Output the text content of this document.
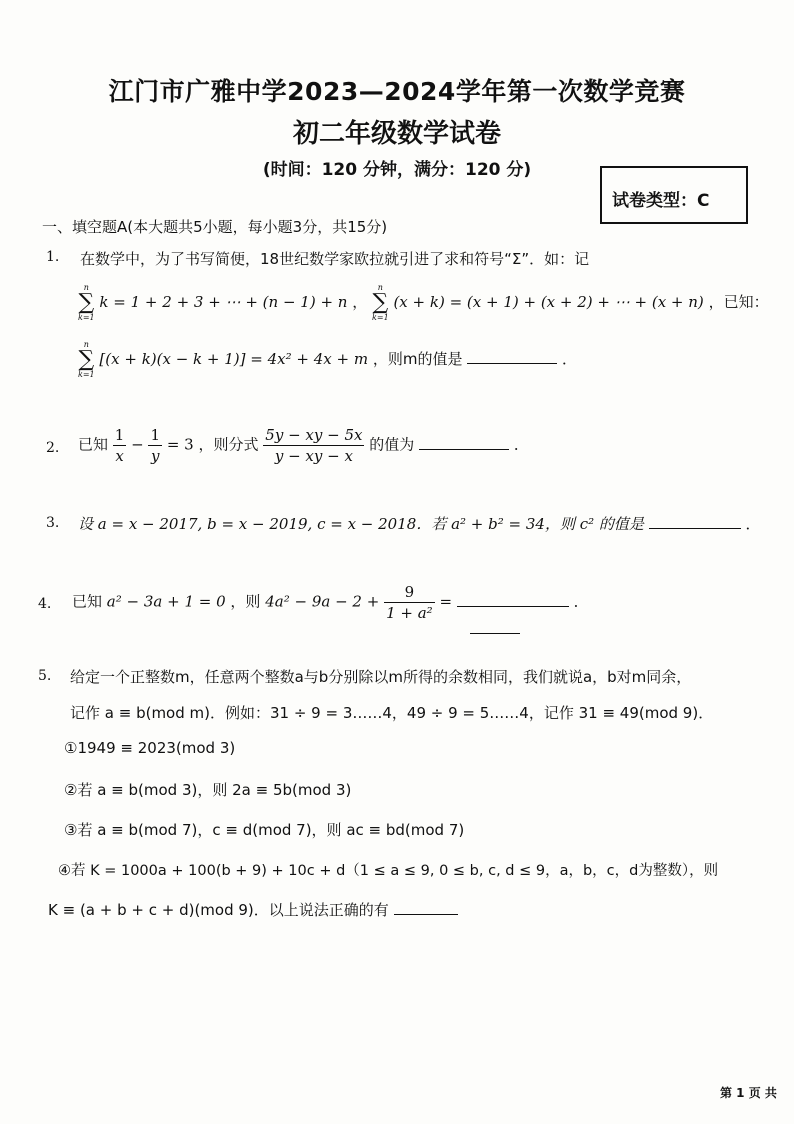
江门市广雅中学2023—2024学年第一次数学竞赛
初二年级数学试卷
(时间：120 分钟，满分：120 分)
试卷类型：C
一、填空题A(本大题共5小题，每小题3分，共15分)
1. 在数学中，为了书写简便，18世纪数学家欧拉就引进了求和符号“Σ”．如：记
n
∑
k=1
k = 1 + 2 + 3 + ⋯ + (n − 1) + n ，
n
∑
k=1
(x + k) = (x + 1) + (x + 2) + ⋯ + (x + n) ，已知：
n
∑
k=1
[(x + k)(x − k + 1)] = 4x² + 4x + m ，则m的值是	．
2. 已知 $\frac{1}{x} - \frac{1}{y} = 3$ ，则分式 $\frac{5y - xy - 5x}{y - xy - x}$ 的值为	．
3. 设 a = x − 2017, b = x − 2019, c = x − 2018．若 a² + b² = 34，则 c² 的值是	．
4. 已知 a² − 3a + 1 = 0 ，则 $4a^2 - 9a - 2 + \frac{9}{\text{1 + a²}}$ =	．
5. 给定一个正整数m，任意两个整数a与b分别除以m所得的余数相同，我们就说a，b对m同余，
记作 a ≡ b(mod m)．例如：31 ÷ 9 = 3……4，49 ÷ 9 = 5……4，记作 31 ≡ 49(mod 9)．
①1949 ≡ 2023(mod 3)
②若 a ≡ b(mod 3)，则 2a ≡ 5b(mod 3)
③若 a ≡ b(mod 7)，c ≡ d(mod 7)，则 ac ≡ bd(mod 7)
④若 K = 1000a + 100(b + 9) + 10c + d（1 ≤ a ≤ 9, 0 ≤ b, c, d ≤ 9，a，b，c，d为整数），则
K ≡ (a + b + c + d)(mod 9)．以上说法正确的有
第 1 页 共
